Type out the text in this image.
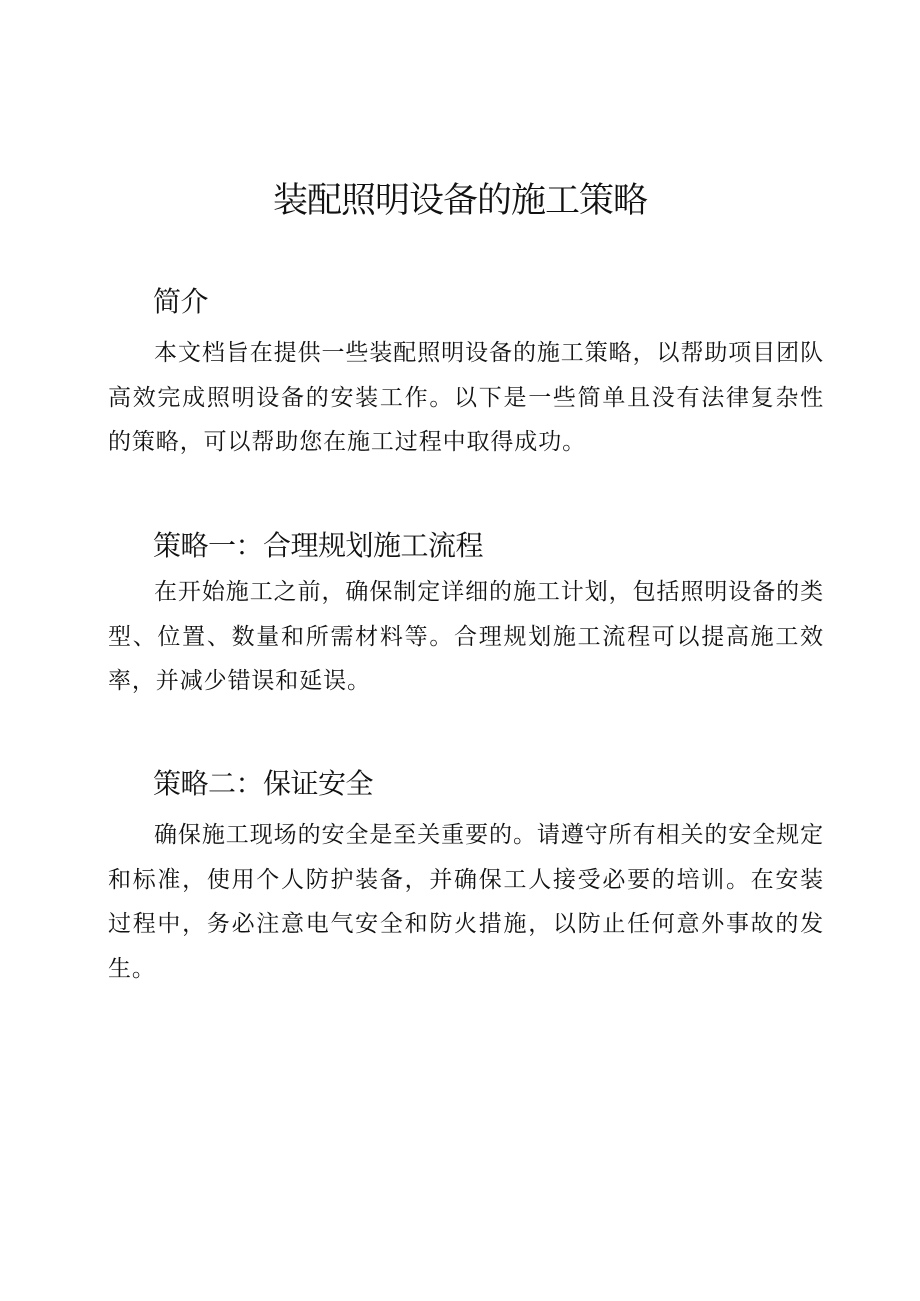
装配照明设备的施工策略
简介

本文档旨在提供一些装配照明设备的施工策略，以帮助项目团队高效完成照明设备的安装工作。以下是一些简单且没有法律复杂性的策略，可以帮助您在施工过程中取得成功。

策略一：合理规划施工流程

在开始施工之前，确保制定详细的施工计划，包括照明设备的类型、位置、数量和所需材料等。合理规划施工流程可以提高施工效率，并减少错误和延误。

策略二：保证安全

确保施工现场的安全是至关重要的。请遵守所有相关的安全规定和标准，使用个人防护装备，并确保工人接受必要的培训。在安装过程中，务必注意电气安全和防火措施，以防止任何意外事故的发生。
